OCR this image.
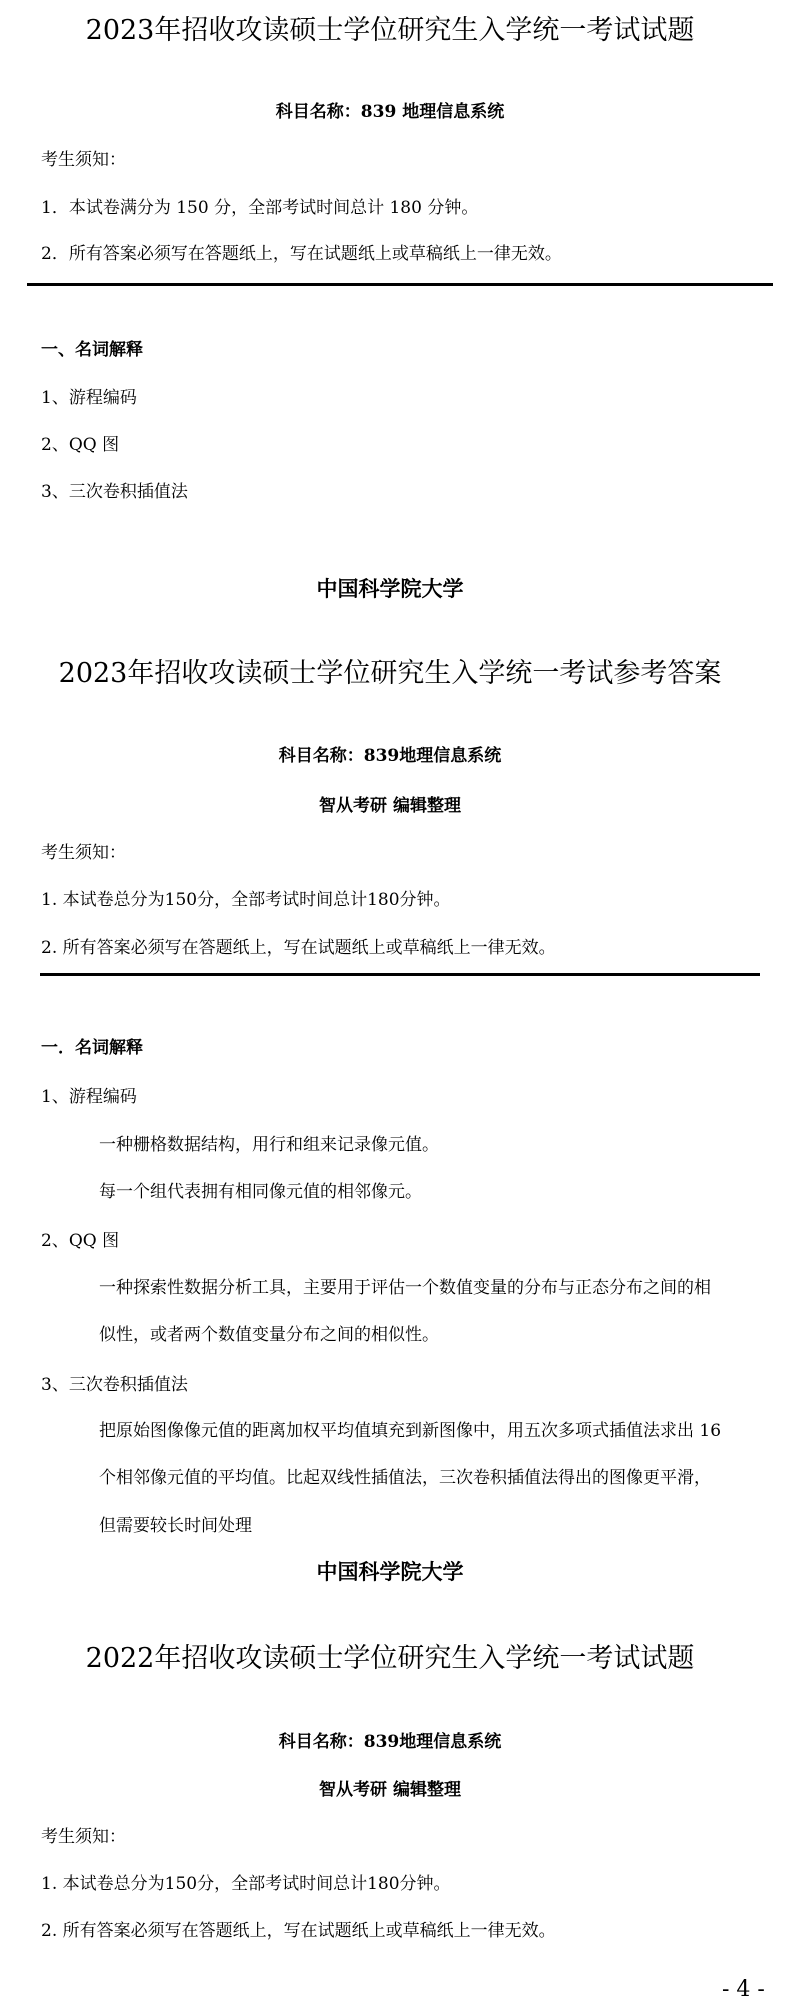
2023年招收攻读硕士学位研究生入学统一考试试题
科目名称：839 地理信息系统
考生须知：
1．本试卷满分为 150 分，全部考试时间总计 180 分钟。
2．所有答案必须写在答题纸上，写在试题纸上或草稿纸上一律无效。
一、名词解释
1、游程编码
2、QQ 图
3、三次卷积插值法
中国科学院大学
2023年招收攻读硕士学位研究生入学统一考试参考答案
科目名称：839地理信息系统
智从考研 编辑整理
考生须知：
1. 本试卷总分为150分，全部考试时间总计180分钟。
2. 所有答案必须写在答题纸上，写在试题纸上或草稿纸上一律无效。
一．名词解释
1、游程编码
一种栅格数据结构，用行和组来记录像元值。
每一个组代表拥有相同像元值的相邻像元。
2、QQ 图
一种探索性数据分析工具，主要用于评估一个数值变量的分布与正态分布之间的相
似性，或者两个数值变量分布之间的相似性。
3、三次卷积插值法
把原始图像像元值的距离加权平均值填充到新图像中，用五次多项式插值法求出 16
个相邻像元值的平均值。比起双线性插值法，三次卷积插值法得出的图像更平滑，
但需要较长时间处理
中国科学院大学
2022年招收攻读硕士学位研究生入学统一考试试题
科目名称：839地理信息系统
智从考研 编辑整理
考生须知：
1. 本试卷总分为150分，全部考试时间总计180分钟。
2. 所有答案必须写在答题纸上，写在试题纸上或草稿纸上一律无效。
- 4 -
